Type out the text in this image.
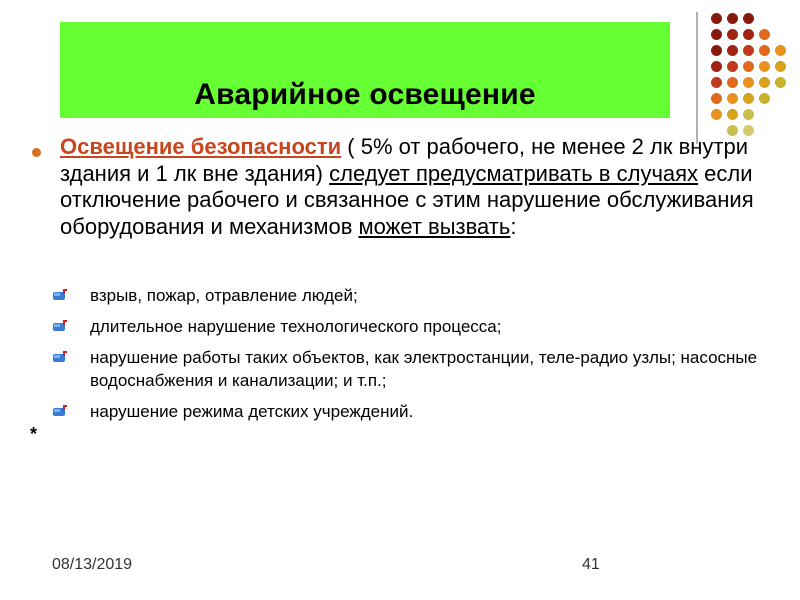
Аварийное освещение
Освещение безопасности ( 5% от рабочего, не менее 2 лк внутри здания и 1 лк вне здания) следует предусматривать в случаях если отключение рабочего и связанное с этим нарушение обслуживания оборудования и механизмов может вызвать:
взрыв, пожар, отравление людей;
длительное нарушение технологического процесса;
нарушение работы таких объектов, как электростанции, теле-радио узлы; насосные водоснабжения и канализации; и т.п.;
нарушение режима детских учреждений.
*
08/13/2019	41
